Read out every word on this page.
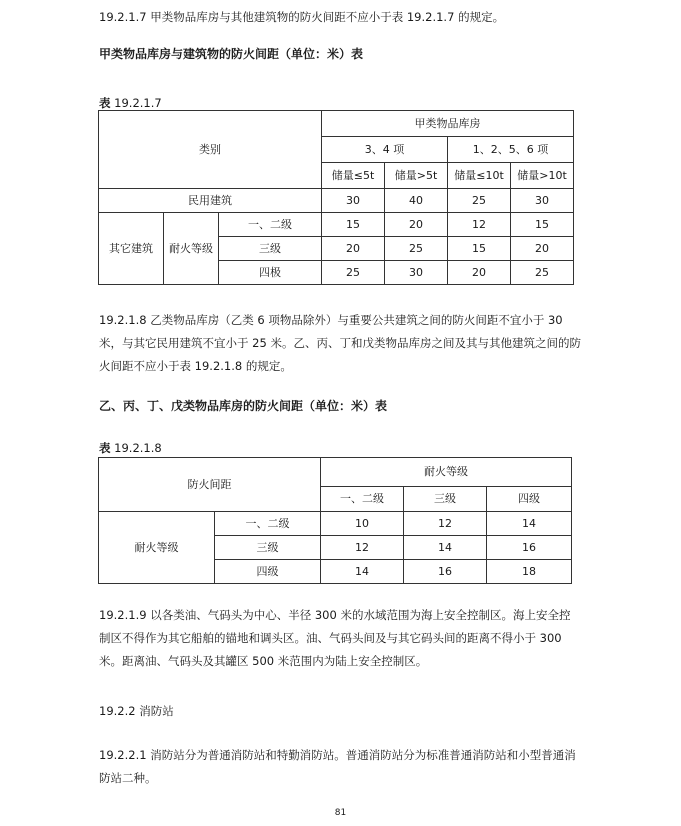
19.2.1.7 甲类物品库房与其他建筑物的防火间距不应小于表 19.2.1.7 的规定。

甲类物品库房与建筑物的防火间距（单位：米）表

表 19.2.1.7

类别			甲类物品库房			
			3、4 项		1、2、5、6 项	
			储量≤5t	储量>5t	储量≤10t	储量>10t
民用建筑			30	40	25	30
其它建筑	耐火等级	一、二级	15	20	12	15
		三级	20	25	15	20
		四极	25	30	20	25

19.2.1.8 乙类物品库房（乙类 6 项物品除外）与重要公共建筑之间的防火间距不宜小于 30 米，与其它民用建筑不宜小于 25 米。乙、丙、丁和戊类物品库房之间及其与其他建筑之间的防火间距不应小于表 19.2.1.8 的规定。

乙、丙、丁、戊类物品库房的防火间距（单位：米）表

表 19.2.1.8

防火间距		耐火等级		
		一、二级	三级	四级
耐火等级	一、二级	10	12	14
	三级	12	14	16
	四级	14	16	18

19.2.1.9 以各类油、气码头为中心、半径 300 米的水域范围为海上安全控制区。海上安全控制区不得作为其它船舶的锚地和调头区。油、气码头间及与其它码头间的距离不得小于 300 米。距离油、气码头及其罐区 500 米范围内为陆上安全控制区。

19.2.2 消防站

19.2.2.1 消防站分为普通消防站和特勤消防站。普通消防站分为标准普通消防站和小型普通消防站二种。

81
